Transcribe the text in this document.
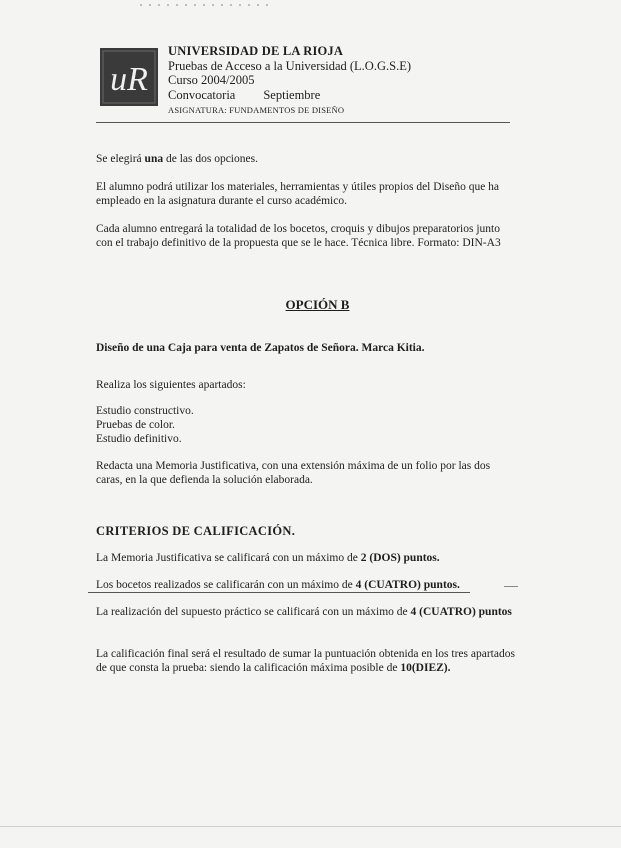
uR
UNIVERSIDAD DE LA RIOJA
Pruebas de Acceso a la Universidad (L.O.G.S.E)
Curso 2004/2005
Convocatoria Septiembre
ASIGNATURA: FUNDAMENTOS DE DISEÑO

Se elegirá una de las dos opciones.

El alumno podrá utilizar los materiales, herramientas y útiles propios del Diseño que ha empleado en la asignatura durante el curso académico.

Cada alumno entregará la totalidad de los bocetos, croquis y dibujos preparatorios junto con el trabajo definitivo de la propuesta que se le hace. Técnica libre. Formato: DIN-A3

OPCIÓN B

Diseño de una Caja para venta de Zapatos de Señora. Marca Kitia.

Realiza los siguientes apartados:

Estudio constructivo.

Pruebas de color.

Estudio definitivo.

Redacta una Memoria Justificativa, con una extensión máxima de un folio por las dos caras, en la que defienda la solución elaborada.

CRITERIOS DE CALIFICACIÓN.

La Memoria Justificativa se calificará con un máximo de 2 (DOS) puntos.

Los bocetos realizados se calificarán con un máximo de 4 (CUATRO) puntos.

La realización del supuesto práctico se calificará con un máximo de 4 (CUATRO) puntos

La calificación final será el resultado de sumar la puntuación obtenida en los tres apartados de que consta la prueba: siendo la calificación máxima posible de 10(DIEZ).
